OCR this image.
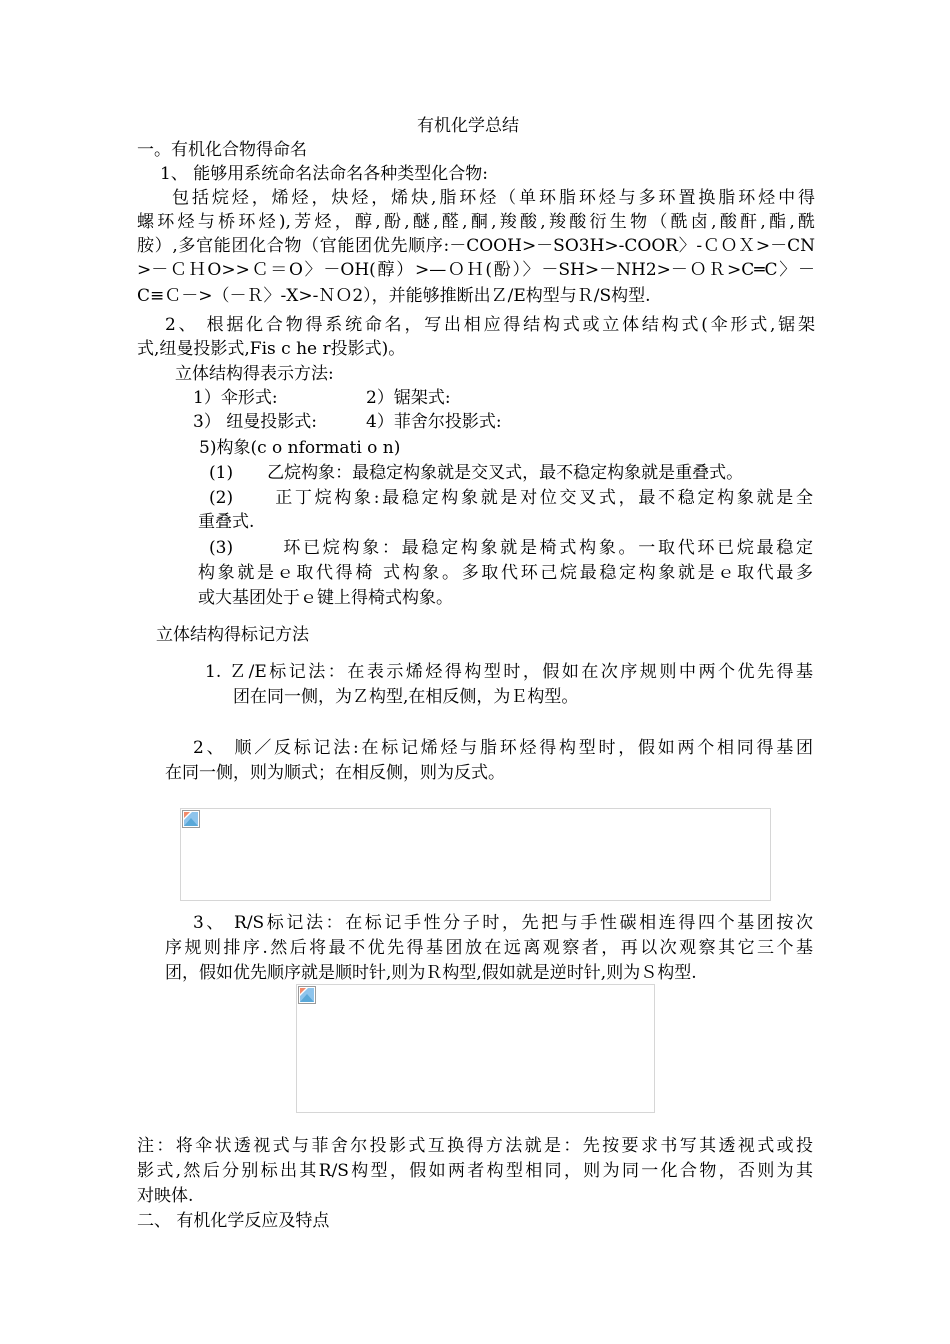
有机化学总结
一。有机化合物得命名
1、 能够用系统命名法命名各种类型化合物:
包括烷烃，烯烃，炔烃，烯炔,脂环烃（单环脂环烃与多环置换脂环烃中得
螺环烃与桥环烃),芳烃，醇,酚,醚,醛,酮,羧酸,羧酸衍生物（酰卤,酸酐,酯,酰
胺）,多官能团化合物（官能团优先顺序:－COOH>－SO3H>-COOR〉-ＣＯＸ>－CN
>－ＣＨO>>Ｃ＝O〉－OH(醇）>—ＯＨ(酚）〉－SH>－NH2>－ＯＲ>C═C〉－
C≡Ｃ－>（－Ｒ〉-X>-ＮＯ2），并能够推断出Ｚ/E构型与Ｒ/S构型.
2、 根据化合物得系统命名，写出相应得结构式或立体结构式(伞形式,锯架
式,纽曼投影式,Fis c he r投影式)。
立体结构得表示方法:
1）伞形式:	2）锯架式:
3） 纽曼投影式:	4）菲舍尔投影式:
5)构象(c o nformati o n)
(1)　　乙烷构象：最稳定构象就是交叉式，最不稳定构象就是重叠式。
(2)　　正丁烷构象:最稳定构象就是对位交叉式，最不稳定构象就是全
重叠式.
(3)　　 环已烷构象：最稳定构象就是椅式构象。一取代环已烷最稳定
构象就是ｅ取代得椅 式构象。多取代环己烷最稳定构象就是ｅ取代最多
或大基团处于ｅ键上得椅式构象。
立体结构得标记方法
1. Ｚ/E标记法：在表示烯烃得构型时，假如在次序规则中两个优先得基
团在同一侧，为Ｚ构型,在相反侧，为Ｅ构型。
2、 顺／反标记法:在标记烯烃与脂环烃得构型时，假如两个相同得基团
在同一侧，则为顺式；在相反侧，则为反式。
3、 R/S标记法：在标记手性分子时，先把与手性碳相连得四个基团按次
序规则排序.然后将最不优先得基团放在远离观察者，再以次观察其它三个基
团，假如优先顺序就是顺时针,则为Ｒ构型,假如就是逆时针,则为Ｓ构型.
注：将伞状透视式与菲舍尔投影式互换得方法就是：先按要求书写其透视式或投
影式,然后分别标出其R/S构型，假如两者构型相同，则为同一化合物，否则为其
对映体.
二、 有机化学反应及特点
